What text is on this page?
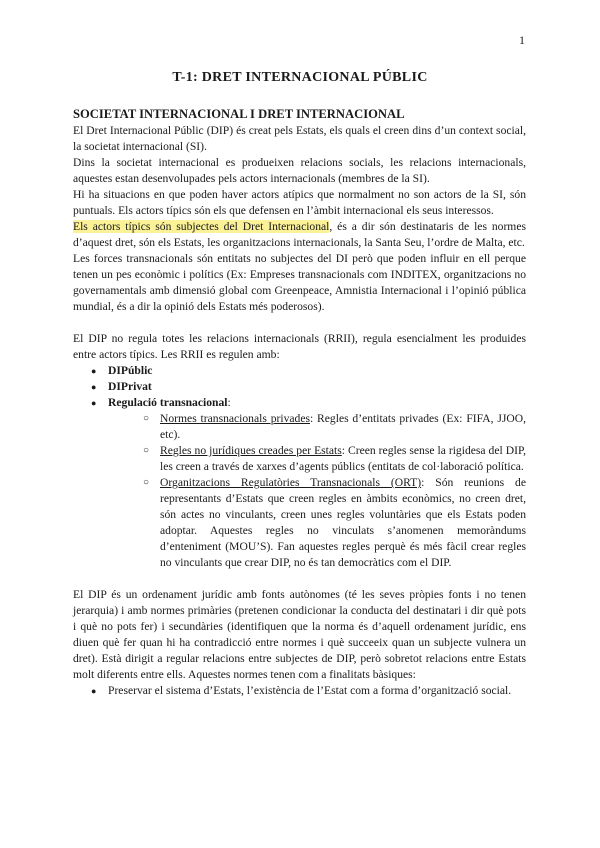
1
T-1: DRET INTERNACIONAL PÚBLIC

SOCIETAT INTERNACIONAL I DRET INTERNACIONAL

El Dret Internacional Públic (DIP) és creat pels Estats, els quals el creen dins d’un context social, la societat internacional (SI).

Dins la societat internacional es produeixen relacions socials, les relacions internacionals, aquestes estan desenvolupades pels actors internacionals (membres de la SI).

Hi ha situacions en que poden haver actors atípics que normalment no son actors de la SI, són puntuals. Els actors típics són els que defensen en l’àmbit internacional els seus interessos.

Els actors típics són subjectes del Dret Internacional, és a dir són destinataris de les normes d’aquest dret, són els Estats, les organitzacions internacionals, la Santa Seu, l’ordre de Malta, etc.

Les forces transnacionals són entitats no subjectes del DI però que poden influir en ell perque tenen un pes econòmic i polítics (Ex: Empreses transnacionals com INDITEX, organitzacions no governamentals amb dimensió global com Greenpeace, Amnistia Internacional i l’opinió pública mundial, és a dir la opinió dels Estats més poderosos).

El DIP no regula totes les relacions internacionals (RRII), regula esencialment les produides entre actors típics. Les RRII es regulen amb:

● DIPúblic
● DIPrivat
● Regulació transnacional:
○ Normes transnacionals privades: Regles d’entitats privades (Ex: FIFA, JJOO, etc).
○ Regles no jurídiques creades per Estats: Creen regles sense la rigidesa del DIP, les creen a través de xarxes d’agents públics (entitats de col·laboració política.
○ Organitzacions Regulatòries Transnacionals (ORT): Són reunions de representants d’Estats que creen regles en àmbits econòmics, no creen dret, són actes no vinculants, creen unes regles voluntàries que els Estats poden adoptar. Aquestes regles no vinculats s’anomenen memoràndums d’enteniment (MOU’S). Fan aquestes regles perquè és més fàcil crear regles no vinculants que crear DIP, no és tan democràtics com el DIP.

El DIP és un ordenament jurídic amb fonts autònomes (té les seves pròpies fonts i no tenen jerarquia) i amb normes primàries (pretenen condicionar la conducta del destinatari i dir què pots i què no pots fer) i secundàries (identifiquen que la norma és d’aquell ordenament jurídic, ens diuen què fer quan hi ha contradicció entre normes i què succeeix quan un subjecte vulnera un dret). Està dirigit a regular relacions entre subjectes de DIP, però sobretot relacions entre Estats molt diferents entre ells. Aquestes normes tenen com a finalitats bàsiques:

● Preservar el sistema d’Estats, l’existència de l’Estat com a forma d’organització social.
